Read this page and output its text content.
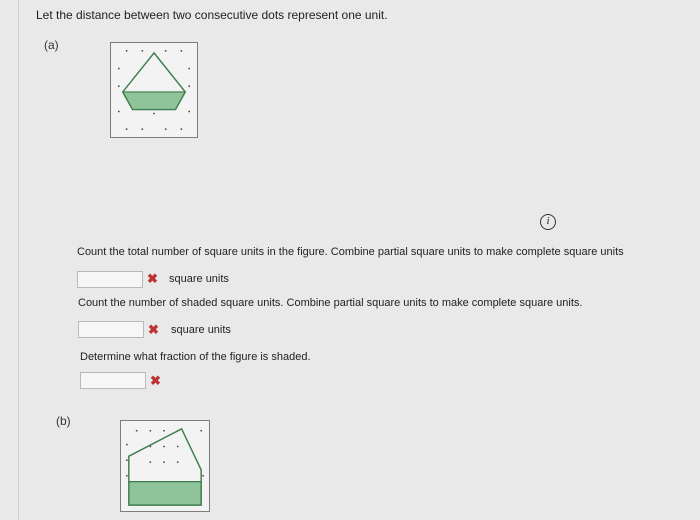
Let the distance between two consecutive dots represent one unit.
(a)
i
Count the total number of square units in the figure. Combine partial square units to make complete square units
✖ square units
Count the number of shaded square units. Combine partial square units to make complete square units.
✖ square units
Determine what fraction of the figure is shaded.
✖
(b)
